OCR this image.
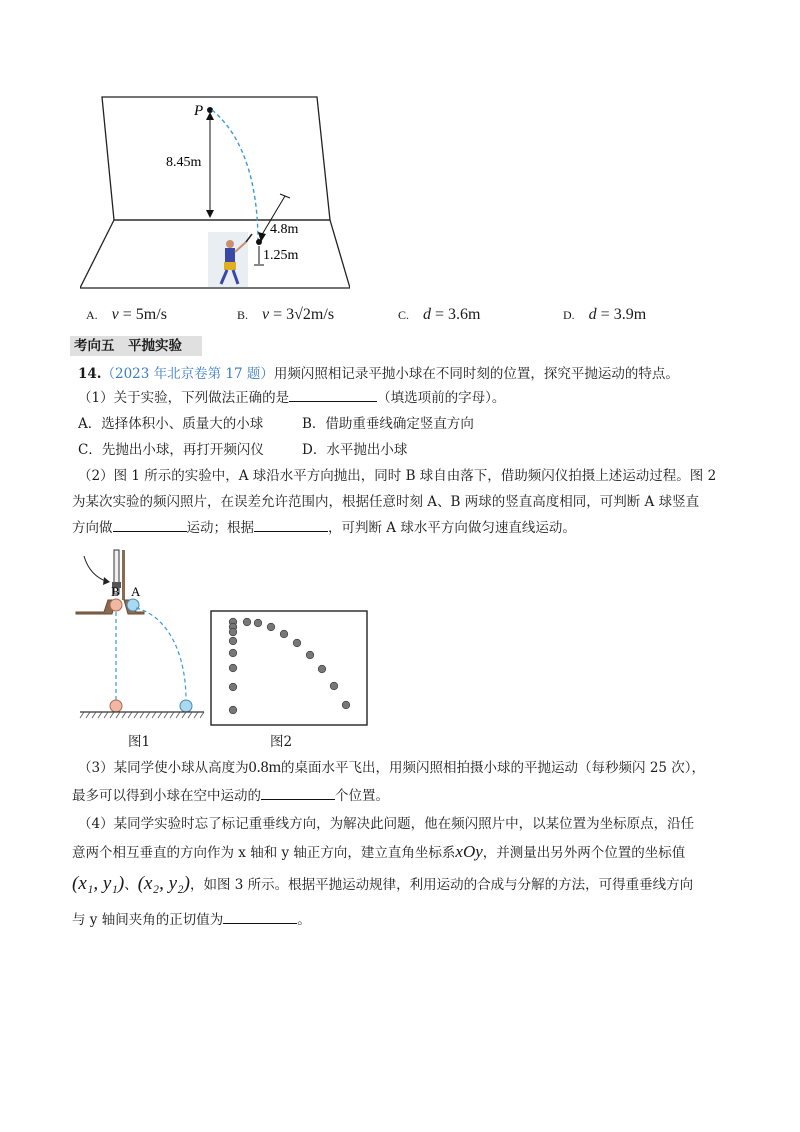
P
8.45m
4.8m
1.25m
A. v = 5m/s	B. v = 3√2m/s	C. d = 3.6m	D. d = 3.9m
考向五　平抛实验
14.（2023 年北京卷第 17 题）用频闪照相记录平抛小球在不同时刻的位置，探究平抛运动的特点。
（1）关于实验，下列做法正确的是	（填选项前的字母）。
A．选择体积小、质量大的小球	B．借助重垂线确定竖直方向
C．先抛出小球，再打开频闪仪	D．水平抛出小球
（2）图 1 所示的实验中，A 球沿水平方向抛出，同时 B 球自由落下，借助频闪仪拍摄上述运动过程。图 2
为某次实验的频闪照片，在误差允许范围内，根据任意时刻 A、B 两球的竖直高度相同，可判断 A 球竖直
方向做	运动；根据	，可判断 A 球水平方向做匀速直线运动。
B A
图1	图2
（3）某同学使小球从高度为0.8m的桌面水平飞出，用频闪照相拍摄小球的平抛运动（每秒频闪 25 次），
最多可以得到小球在空中运动的	个位置。
（4）某同学实验时忘了标记重垂线方向，为解决此问题，他在频闪照片中，以某位置为坐标原点，沿任
意两个相互垂直的方向作为 x 轴和 y 轴正方向，建立直角坐标系xOy，并测量出另外两个位置的坐标值
(x₁, y₁)、(x₂, y₂)，如图 3 所示。根据平抛运动规律，利用运动的合成与分解的方法，可得重垂线方向
与 y 轴间夹角的正切值为	。
